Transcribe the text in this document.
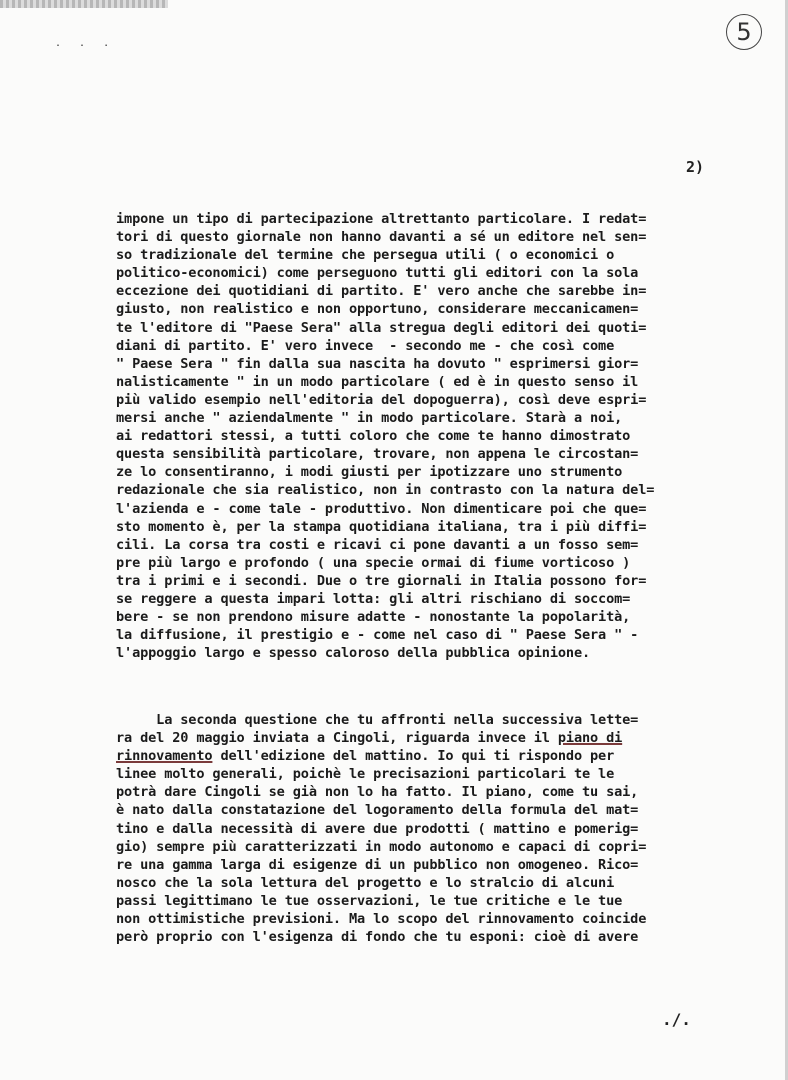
. . .	5
2)
impone un tipo di partecipazione altrettanto particolare. I redat=
tori di questo giornale non hanno davanti a sé un editore nel sen=
so tradizionale del termine che persegua utili ( o economici o
politico-economici) come perseguono tutti gli editori con la sola
eccezione dei quotidiani di partito. E' vero anche che sarebbe in=
giusto, non realistico e non opportuno, considerare meccanicamen=
te l'editore di "Paese Sera" alla stregua degli editori dei quoti=
diani di partito. E' vero invece  - secondo me - che così come
" Paese Sera " fin dalla sua nascita ha dovuto " esprimersi gior=
nalisticamente " in un modo particolare ( ed è in questo senso il
più valido esempio nell'editoria del dopoguerra), così deve espri=
mersi anche " aziendalmente " in modo particolare. Starà a noi,
ai redattori stessi, a tutti coloro che come te hanno dimostrato
questa sensibilità particolare, trovare, non appena le circostan=
ze lo consentiranno, i modi giusti per ipotizzare uno strumento
redazionale che sia realistico, non in contrasto con la natura del=
l'azienda e - come tale - produttivo. Non dimenticare poi che que=
sto momento è, per la stampa quotidiana italiana, tra i più diffi=
cili. La corsa tra costi e ricavi ci pone davanti a un fosso sem=
pre più largo e profondo ( una specie ormai di fiume vorticoso )
tra i primi e i secondi. Due o tre giornali in Italia possono for=
se reggere a questa impari lotta: gli altri rischiano di soccom=
bere - se non prendono misure adatte - nonostante la popolarità,
la diffusione, il prestigio e - come nel caso di " Paese Sera " -
l'appoggio largo e spesso caloroso della pubblica opinione.
La seconda questione che tu affronti nella successiva lette=
ra del 20 maggio inviata a Cingoli, riguarda invece il piano di
rinnovamento dell'edizione del mattino. Io qui ti rispondo per
linee molto generali, poichè le precisazioni particolari te le
potrà dare Cingoli se già non lo ha fatto. Il piano, come tu sai,
è nato dalla constatazione del logoramento della formula del mat=
tino e dalla necessità di avere due prodotti ( mattino e pomerig=
gio) sempre più caratterizzati in modo autonomo e capaci di copri=
re una gamma larga di esigenze di un pubblico non omogeneo. Rico=
nosco che la sola lettura del progetto e lo stralcio di alcuni
passi legittimano le tue osservazioni, le tue critiche e le tue
non ottimistiche previsioni. Ma lo scopo del rinnovamento coincide
però proprio con l'esigenza di fondo che tu esponi: cioè di avere
./.
